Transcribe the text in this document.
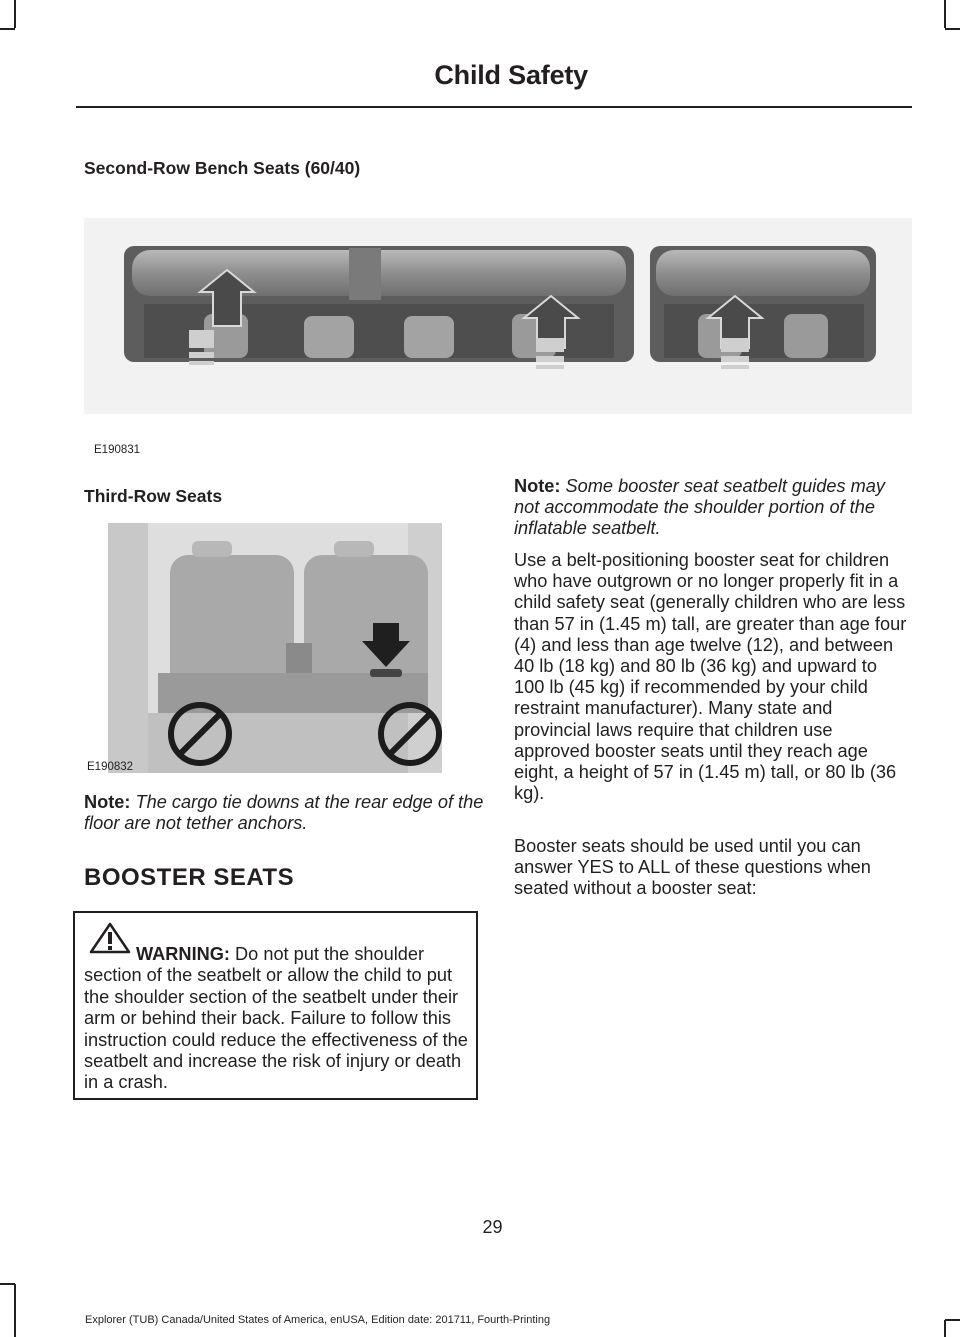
Child Safety
Second-Row Bench Seats (60/40)
E190831
Third-Row Seats
E190832
Note: The cargo tie downs at the rear edge of the floor are not tether anchors.
BOOSTER SEATS
WARNING: Do not put the shoulder section of the seatbelt or allow the child to put the shoulder section of the seatbelt under their arm or behind their back. Failure to follow this instruction could reduce the effectiveness of the seatbelt and increase the risk of injury or death in a crash.
Note: Some booster seat seatbelt guides may not accommodate the shoulder portion of the inflatable seatbelt.
Use a belt-positioning booster seat for children who have outgrown or no longer properly fit in a child safety seat (generally children who are less than 57 in (1.45 m) tall, are greater than age four (4) and less than age twelve (12), and between 40 lb (18 kg) and 80 lb (36 kg) and upward to 100 lb (45 kg) if recommended by your child restraint manufacturer). Many state and provincial laws require that children use approved booster seats until they reach age eight, a height of 57 in (1.45 m) tall, or 80 lb (36 kg).
Booster seats should be used until you can answer YES to ALL of these questions when seated without a booster seat:
29
Explorer (TUB) Canada/United States of America, enUSA, Edition date: 201711, Fourth-Printing
